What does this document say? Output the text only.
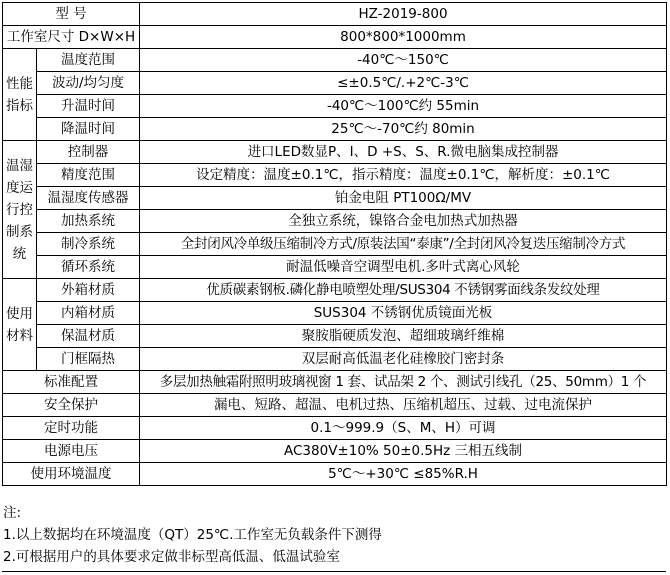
型 号		HZ-2019-800
工作室尺寸 D×W×H		800*800*1000mm

性能
指标	温度范围	-40℃～150℃
	波动/均匀度	≤±0.5℃/.+2℃-3℃
	升温时间	-40℃～100℃约 55min
	降温时间	25℃～-70℃约 80min

温湿
度运
行控
制系
统	控制器	进口LED数显P、I、D +S、S、R.微电脑集成控制器
	精度范围	设定精度：温度±0.1℃，指示精度：温度±0.1℃，解析度：±0.1℃
	温湿度传感器	铂金电阻 PT100Ω/MV
	加热系统	全独立系统，镍铬合金电加热式加热器
	制冷系统	全封闭风冷单级压缩制冷方式/原装法国“泰康”/全封闭风冷复迭压缩制冷方式
	循环系统	耐温低噪音空调型电机.多叶式离心风轮

使用
材料	外箱材质	优质碳素钢板.磷化静电喷塑处理/SUS304 不锈钢雾面线条发纹处理
	内箱材质	SUS304 不锈钢优质镜面光板
	保温材质	聚胺脂硬质发泡、超细玻璃纤维棉
	门框隔热	双层耐高低温老化硅橡胶门密封条
标准配置		多层加热触霜附照明玻璃视窗 1 套、试品架 2 个、测试引线孔（25、50mm）1 个
安全保护		漏电、短路、超温、电机过热、压缩机超压、过载、过电流保护
定时功能		0.1～999.9（S、M、H）可调
电源电压		AC380V±10% 50±0.5Hz 三相五线制
使用环境温度		5℃～+30℃ ≤85%R.H
注:
1.以上数据均在环境温度（QT）25℃.工作室无负载条件下测得
2.可根据用户的具体要求定做非标型高低温、低温试验室
